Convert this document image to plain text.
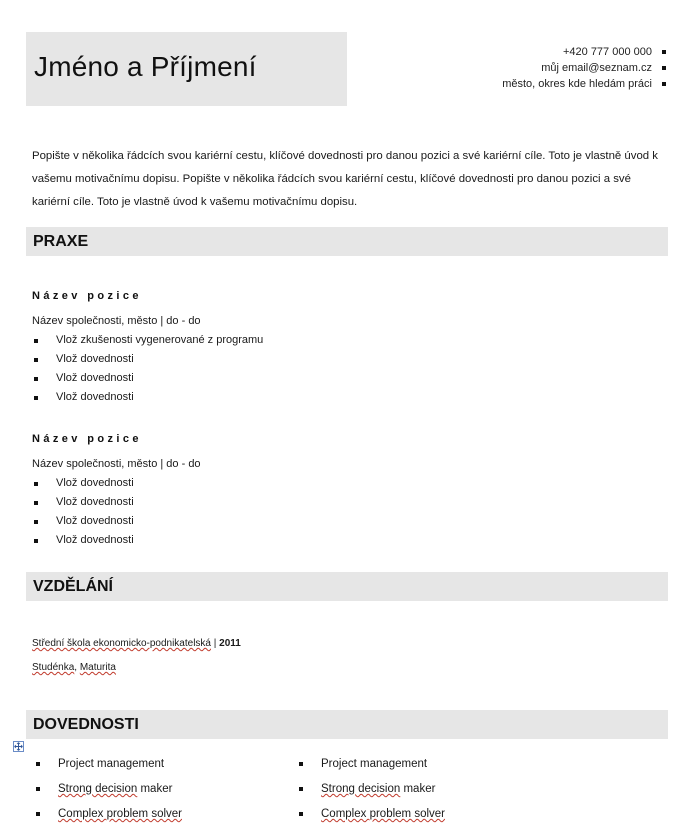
Jméno a Příjmení	+420 777 000 000
můj email@seznam.cz
město, okres kde hledám práci
Popište v několika řádcích svou kariérní cestu, klíčové dovednosti pro danou pozici a své kariérní cíle. Toto je vlastně úvod k vašemu motivačnímu dopisu. Popište v několika řádcích svou kariérní cestu, klíčové dovednosti pro danou pozici a své kariérní cíle. Toto je vlastně úvod k vašemu motivačnímu dopisu.
PRAXE
Název pozice
Název společnosti, město | do - do
Vlož zkušenosti vygenerované z programu
Vlož dovednosti
Vlož dovednosti
Vlož dovednosti
Název pozice
Název společnosti, město | do - do
Vlož dovednosti
Vlož dovednosti
Vlož dovednosti
Vlož dovednosti
VZDĚLÁNÍ
Střední škola ekonomicko-podnikatelská | 2011
Studénka, Maturita
DOVEDNOSTI
Project management
Strong decision maker
Complex problem solver
Project management
Strong decision maker
Complex problem solver
